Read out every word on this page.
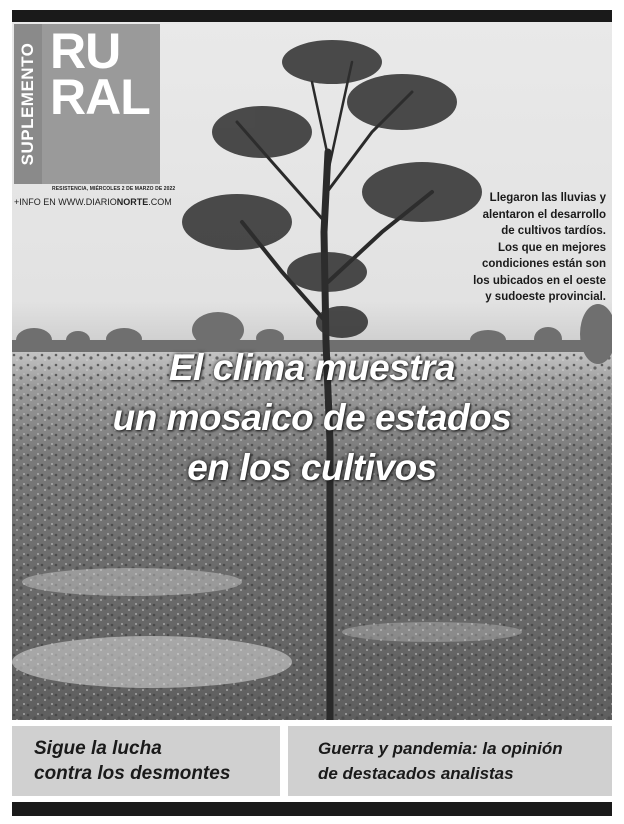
SUPLEMENTO RU
RAL
RESISTENCIA, MIÉRCOLES 2 DE MARZO DE 2022
+INFO EN WWW.DIARIONORTE.COM	Llegaron las lluvias y
alentaron el desarrollo
de cultivos tardíos.
Los que en mejores
condiciones están son
los ubicados en el oeste
y sudoeste provincial.
El clima muestra
un mosaico de estados
en los cultivos

Sigue la lucha
contra los desmontes

Guerra y pandemia: la opinión
de destacados analistas
